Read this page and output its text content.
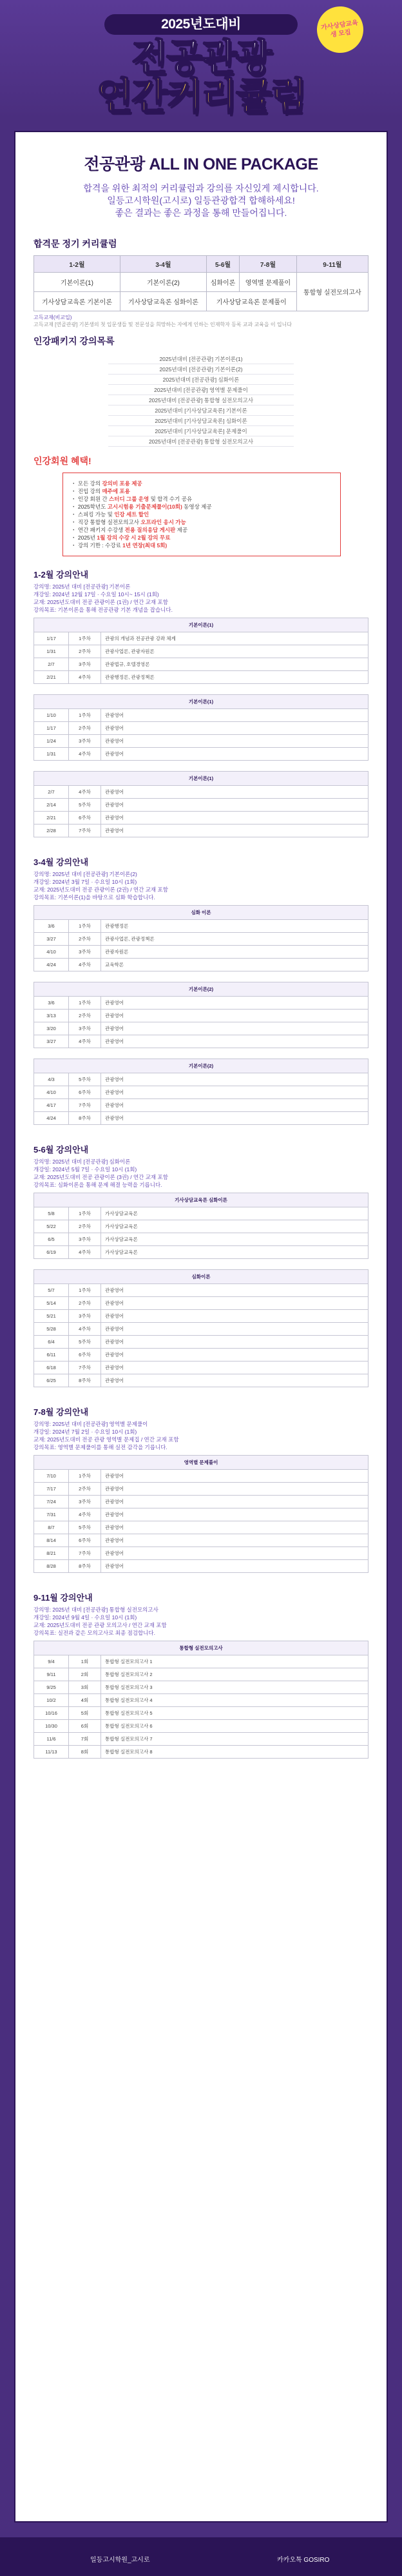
2025년도대비	가사상담교육생 모집
전공관광
연간커리큘럼
전공관광 ALL IN ONE PACKAGE
합격을 위한 최적의 커리큘럼과 강의를 자신있게 제시합니다.
일등고시학원(고시로) 일등관광합격 합해하세요!
좋은 결과는 좋은 과정을 통해 만들어집니다.
합격문 정기 커리큘럼
1-2월	3-4월	5-6월	7-8월	9-11월
기본이론(1)	기본이론(2)	심화이론	영역별 문제풀이	통합형 실전모의고사
기사상담교육론 기본이론	기사상담교육론 심화이론	기사상담교육론 문제풀이		
고득교재(비교입)
고득교재 [연골관광] 기본생의 첫 입문생들 및 전문성을 희망하는 자에게 인하는 인재학자 등록 교과 교육을 이 입니다
인강패키지 강의목록
2025년대비 [전공관광] 기본이론(1)
2025년대비 [전공관광] 기본이론(2)
2025년대비 [전공관광] 심화이론
2025년대비 [전공관광] 영역별 문제풀이
2025년대비 [전공관광] 통합형 실전모의고사
2025년대비 [기사상담교육론] 기본이론
2025년대비 [기사상담교육론] 심화이론
2025년대비 [기사상담교육론] 문제풀이
2025년대비 [전공관광] 통합형 실전모의고사
인강회원 혜택!
・ 모든 강의 강의비 포용 제공
・ 진입 강의 매주에 포용
・ 인강 회원 간 스터디 그룹 운영 및 합격 수기 공유
・ 2025학년도 고시시험용 기출문제풀이(10회) 동영상 제공
・ 스피킹 가능 및 인강 세트 할인
・ 직강 통합형 실전모의고사 오프라인 응시 가능
・ 연간 패키지 수강생 전용 질의응답 게시판 제공
・ 2025년 1월 강의 수강 시 2월 강의 무료
・ 강의 기한 : 수강료 1년 연장(최대 5회)
1-2월 강의안내
강의명: 2025년 대비 [전공관광] 기본이론
개강일: 2024년 12월 17일 · 수요일 10시~ 15시 (1회)
교재: 2025년도대비 전공 관광이론 (1권) / 연간 교재 포함
강의목표: 기본이론을 통해 전공관광 기본 개념을 잡습니다.
기본이론(1)		
1/17	1주차	관광의 개념과 전공관광 강좌 체계
1/31	2주차	관광사업론, 관광자원론
2/7	3주차	관광법규, 호텔경영론
2/21	4주차	관광행정론, 관광정책론
기본이론(1)		
1/10	1주차	관광영어
1/17	2주차	관광영어
1/24	3주차	관광영어
1/31	4주차	관광영어
기본이론(1)		
2/7	4주차	관광영어
2/14	5주차	관광영어
2/21	6주차	관광영어
2/28	7주차	관광영어
3-4월 강의안내
강의명: 2025년 대비 [전공관광] 기본이론(2)
개강일: 2024년 3월 7일 · 수요일 10시 (1회)
교재: 2025년도대비 전공 관광이론 (2권) / 연간 교재 포함
강의목표: 기본이론(1)을 바탕으로 심화 학습합니다.
심화 이론		
3/6	1주차	관광행정론
3/27	2주차	관광사업론, 관광정책론
4/10	3주차	관광자원론
4/24	4주차	교육학론
기본이론(2)		
3/6	1주차	관광영어
3/13	2주차	관광영어
3/20	3주차	관광영어
3/27	4주차	관광영어
기본이론(2)		
4/3	5주차	관광영어
4/10	6주차	관광영어
4/17	7주차	관광영어
4/24	8주차	관광영어
5-6월 강의안내
강의명: 2025년 대비 [전공관광] 심화이론
개강일: 2024년 5월 7일 · 수요일 10시 (1회)
교재: 2025년도대비 전공 관광이론 (3권) / 연간 교재 포함
강의목표: 심화이론을 통해 문제 해결 능력을 기릅니다.
기사상담교육론 심화이론		
5/8	1주차	가사상담교육론
5/22	2주차	가사상담교육론
6/5	3주차	가사상담교육론
6/19	4주차	가사상담교육론
심화이론		
5/7	1주차	관광영어
5/14	2주차	관광영어
5/21	3주차	관광영어
5/28	4주차	관광영어
6/4	5주차	관광영어
6/11	6주차	관광영어
6/18	7주차	관광영어
6/25	8주차	관광영어
7-8월 강의안내
강의명: 2025년 대비 [전공관광] 영역별 문제풀이
개강일: 2024년 7월 2일 · 수요일 10시 (1회)
교재: 2025년도대비 전공 관광 영역별 문제집 / 연간 교재 포함
강의목표: 영역별 문제풀이를 통해 실전 감각을 기릅니다.
영역별 문제풀이		
7/10	1주차	관광영어
7/17	2주차	관광영어
7/24	3주차	관광영어
7/31	4주차	관광영어
8/7	5주차	관광영어
8/14	6주차	관광영어
8/21	7주차	관광영어
8/28	8주차	관광영어
9-11월 강의안내
강의명: 2025년 대비 [전공관광] 통합형 실전모의고사
개강일: 2024년 9월 4일 · 수요일 10시 (1회)
교재: 2025년도대비 전공 관광 모의고사 / 연간 교재 포함
강의목표: 실전과 같은 모의고사로 최종 점검합니다.
통합형 실전모의고사		
9/4	1회	통합형 실전모의고사 1
9/11	2회	통합형 실전모의고사 2
9/25	3회	통합형 실전모의고사 3
10/2	4회	통합형 실전모의고사 4
10/16	5회	통합형 실전모의고사 5
10/30	6회	통합형 실전모의고사 6
11/6	7회	통합형 실전모의고사 7
11/13	8회	통합형 실전모의고사 8
일등고시학원_고시로	카카오톡 GOSIRO
